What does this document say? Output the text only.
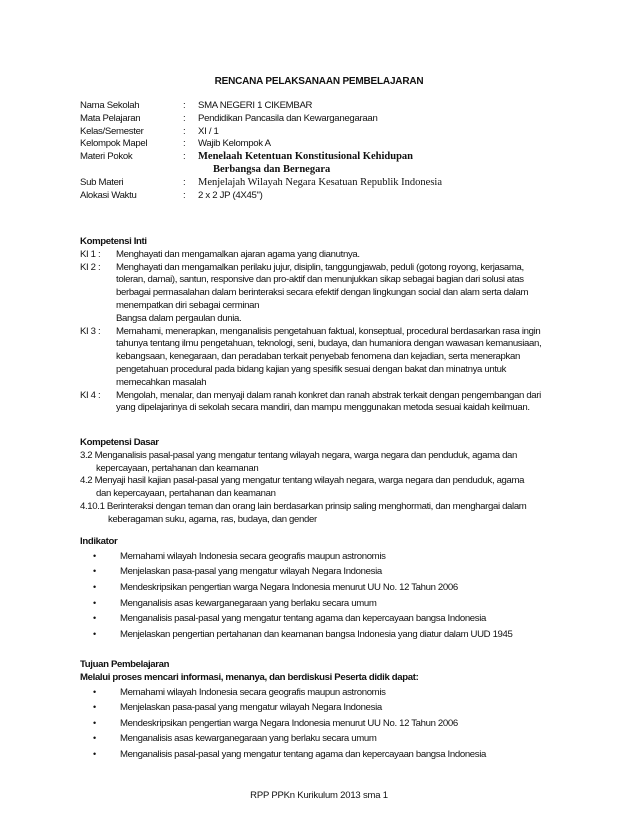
RENCANA PELAKSANAAN PEMBELAJARAN
Nama Sekolah	:	SMA NEGERI 1 CIKEMBAR
Mata Pelajaran	:	Pendidikan Pancasila dan Kewarganegaraan
Kelas/Semester	:	XI / 1
Kelompok Mapel	:	Wajib Kelompok A
Materi Pokok	:	Menelaah Ketentuan Konstitusional Kehidupan
Berbangsa dan Bernegara
Sub Materi	:	Menjelajah Wilayah Negara Kesatuan Republik Indonesia
Alokasi Waktu	:	2 x 2 JP (4X45")
Kompetensi Inti
KI 1 :	Menghayati dan mengamalkan ajaran agama yang dianutnya.
KI 2 :	Menghayati dan mengamalkan perilaku jujur, disiplin, tanggungjawab, peduli (gotong royong, kerjasama,
toleran, damai), santun, responsive dan pro-aktif dan menunjukkan sikap sebagai bagian dari solusi atas
berbagai permasalahan dalam berinteraksi secara efektif dengan lingkungan social dan alam serta dalam
menempatkan diri sebagai cerminan
Bangsa dalam pergaulan dunia.
KI 3 :	Memahami, menerapkan, menganalisis pengetahuan faktual, konseptual, procedural berdasarkan rasa ingin
tahunya tentang ilmu pengetahuan, teknologi, seni, budaya, dan humaniora dengan wawasan kemanusiaan,
kebangsaan, kenegaraan, dan peradaban terkait penyebab fenomena dan kejadian, serta menerapkan
pengetahuan procedural pada bidang kajian yang spesifik sesuai dengan bakat dan minatnya untuk
memecahkan masalah
KI 4 :	Mengolah, menalar, dan menyaji dalam ranah konkret dan ranah abstrak terkait dengan pengembangan dari
yang dipelajarinya di sekolah secara mandiri, dan mampu menggunakan metoda sesuai kaidah keilmuan.
Kompetensi Dasar
3.2 Menganalisis pasal-pasal yang mengatur tentang wilayah negara, warga negara dan penduduk, agama dan
kepercayaan, pertahanan dan keamanan
4.2 Menyaji hasil kajian pasal-pasal yang mengatur tentang wilayah negara, warga negara dan penduduk, agama
dan kepercayaan, pertahanan dan keamanan
4.10.1 Berinteraksi dengan teman dan orang lain berdasarkan prinsip saling menghormati, dan menghargai dalam
keberagaman suku, agama, ras, budaya, dan gender
Indikator
•	Memahami wilayah Indonesia secara geografis maupun astronomis
•	Menjelaskan pasa-pasal yang mengatur wilayah Negara Indonesia
•	Mendeskripsikan pengertian warga Negara Indonesia menurut UU No. 12 Tahun 2006
•	Menganalisis asas kewarganegaraan yang berlaku secara umum
•	Menganalisis pasal-pasal yang mengatur tentang agama dan kepercayaan bangsa Indonesia
•	Menjelaskan pengertian pertahanan dan keamanan bangsa Indonesia yang diatur dalam UUD 1945
Tujuan Pembelajaran
Melalui proses mencari informasi, menanya, dan berdiskusi Peserta didik dapat:
•	Memahami wilayah Indonesia secara geografis maupun astronomis
•	Menjelaskan pasa-pasal yang mengatur wilayah Negara Indonesia
•	Mendeskripsikan pengertian warga Negara Indonesia menurut UU No. 12 Tahun 2006
•	Menganalisis asas kewarganegaraan yang berlaku secara umum
•	Menganalisis pasal-pasal yang mengatur tentang agama dan kepercayaan bangsa Indonesia
RPP PPKn Kurikulum 2013 sma 1
